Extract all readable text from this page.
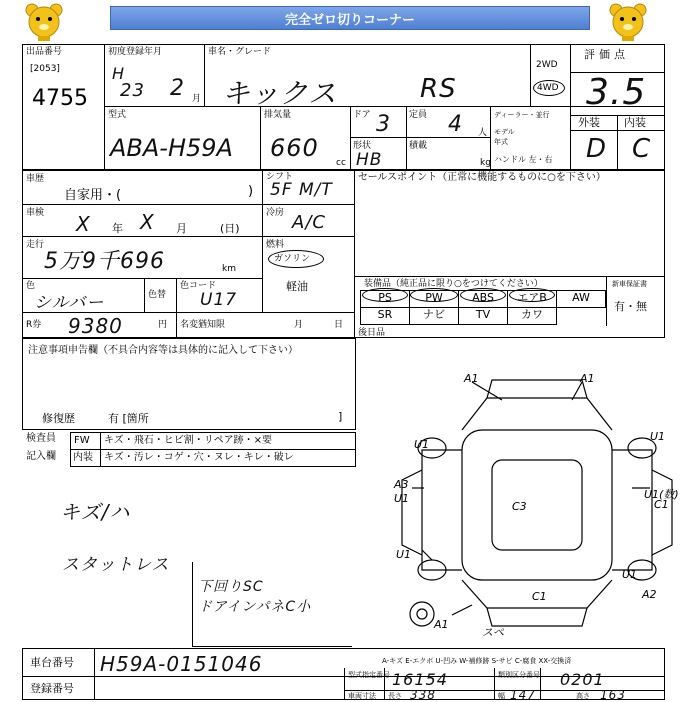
完全ゼロ切りコーナー
出品番号
[2053]
4755
初度登録年月
H
23 2 月
車名・グレード
キックス	RS
2WD
4WD
評価点
3.5
外装 内装
D C
型式
ABA-H59A
排気量
660
cc
ドア 3
形状
HB
定員 4 人
積載
kg
ディーラー・並行
モデル
年式
ハンドル 左・右
車歴
自家用・(	)
車検 X 年 X 月	(日)
走行
5万9千696	km
色
シルバー	色替
色コード
U17
R券 9380	円 名変猶知限	月	日
シフト
5F M/T
冷房 A/C
燃料
ガソリン
軽油
セールスポイント（正常に機能するものに○を下さい）
装備品（純正品に限り○をつけてください）	新車保証書
有・無
PS	PW	ABS	エアB	AW
SR	ナビ	TV	カワ
後日品
注意事項申告欄（不具合内容等は具体的に記入して下さい）
修復歴	有 [箇所	]
検査員
記入欄
FW キズ・飛石・ヒビ割・リペア跡・×要
内装 キズ・汚レ・コゲ・穴・ヌレ・キレ・破レ
キズ/ハ
スタットレス
下回りSC
ドアインパネC小
A1	A1
U1
U1
A3
U1	U1(数)
C3	C1
U1
U1
C1	A2
A1
スペ
A-キズ E-エクボ U-凹み W-補修跡 S-サビ C-腐食 XX-交換済
車台番号 H59A-0151046
登録番号
型式指定番号 16154	類別区分番号 0201
車両寸法 長さ 338	幅 147	高さ 163
